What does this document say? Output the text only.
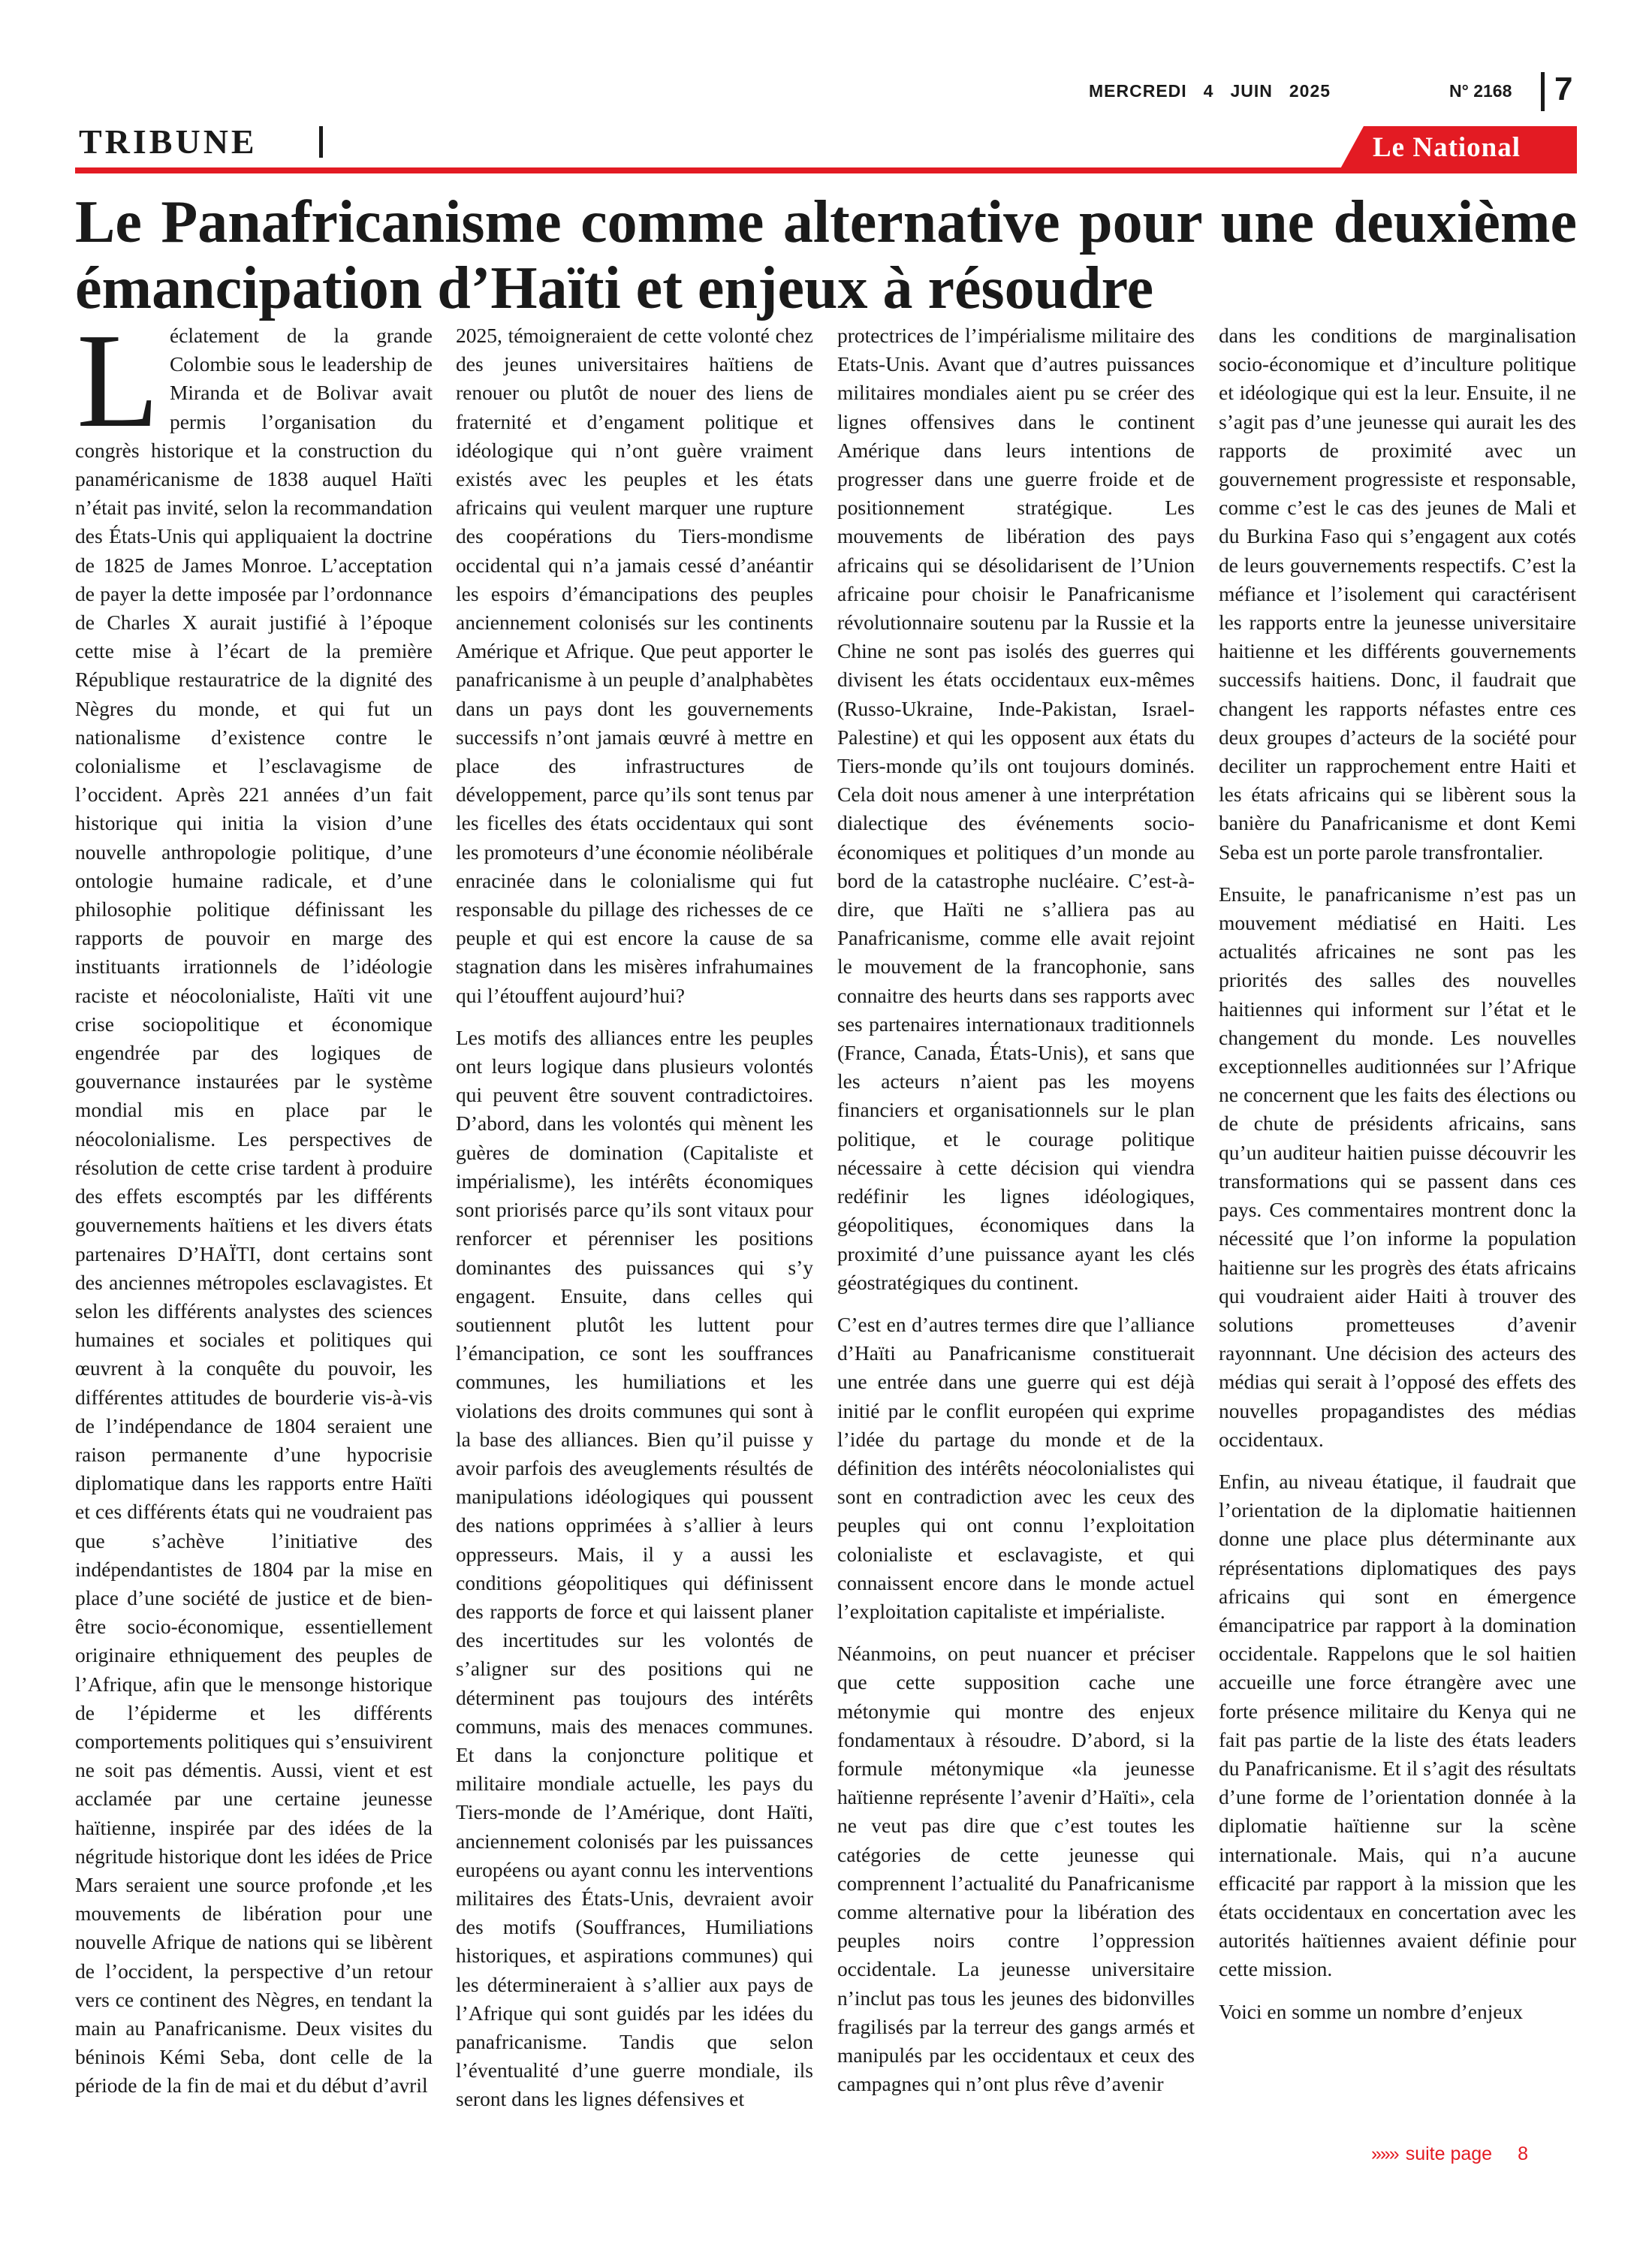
MERCREDI 4 JUIN 2025	N° 2168 7
TRIBUNE	Le National
Le Panafricanisme comme alternative pour une deuxième
émancipation d’Haïti et enjeux à résoudre

Léclatement de la grande Colombie sous le leadership de Miranda et de Bolivar avait permis l’organisation du congrès historique et la construction du panaméricanisme de 1838 auquel Haïti n’était pas invité, selon la recommandation des États-Unis qui appliquaient la doctrine de 1825 de James Monroe. L’acceptation de payer la dette imposée par l’ordonnance de Charles X aurait justifié à l’époque cette mise à l’écart de la première République restauratrice de la dignité des Nègres du monde, et qui fut un nationalisme d’existence contre le colonialisme et l’esclavagisme de l’occident. Après 221 années d’un fait historique qui initia la vision d’une nouvelle anthropologie politique, d’une ontologie humaine radicale, et d’une philosophie politique définissant les rapports de pouvoir en marge des instituants irrationnels de l’idéologie raciste et néocolonialiste, Haïti vit une crise sociopolitique et économique engendrée par des logiques de gouvernance instaurées par le système mondial mis en place par le néocolonialisme. Les perspectives de résolution de cette crise tardent à produire des effets escomptés par les différents gouvernements haïtiens et les divers états partenaires D’HAÏTI, dont certains sont des anciennes métropoles esclavagistes. Et selon les différents analystes des sciences humaines et sociales et politiques qui œuvrent à la conquête du pouvoir, les différentes attitudes de bourderie vis-à-vis de l’indépendance de 1804 seraient une raison permanente d’une hypocrisie diplomatique dans les rapports entre Haïti et ces différents états qui ne voudraient pas que s’achève l’initiative des indépendantistes de 1804 par la mise en place d’une société de justice et de bien-être socio-économique, essentiellement originaire ethniquement des peuples de l’Afrique, afin que le mensonge historique de l’épiderme et les différents comportements politiques qui s’ensuivirent ne soit pas démentis. Aussi, vient et est acclamée par une certaine jeunesse haïtienne, inspirée par des idées de la négritude historique dont les idées de Price Mars seraient une source profonde ,et les mouvements de libération pour une nouvelle Afrique de nations qui se libèrent de l’occident, la perspective d’un retour vers ce continent des Nègres, en tendant la main au Panafricanisme. Deux visites du béninois Kémi Seba, dont celle de la période de la fin de mai et du début d’avril

2025, témoigneraient de cette volonté chez des jeunes universitaires haïtiens de renouer ou plutôt de nouer des liens de fraternité et d’engament politique et idéologique qui n’ont guère vraiment existés avec les peuples et les états africains qui veulent marquer une rupture des coopérations du Tiers-mondisme occidental qui n’a jamais cessé d’anéantir les espoirs d’émancipations des peuples anciennement colonisés sur les continents Amérique et Afrique. Que peut apporter le panafricanisme à un peuple d’analphabètes dans un pays dont les gouvernements successifs n’ont jamais œuvré à mettre en place des infrastructures de développement, parce qu’ils sont tenus par les ficelles des états occidentaux qui sont les promoteurs d’une économie néolibérale enracinée dans le colonialisme qui fut responsable du pillage des richesses de ce peuple et qui est encore la cause de sa stagnation dans les misères infrahumaines qui l’étouffent aujourd’hui?

Les motifs des alliances entre les peuples ont leurs logique dans plusieurs volontés qui peuvent être souvent contradictoires. D’abord, dans les volontés qui mènent les guères de domination (Capitaliste et impérialisme), les intérêts économiques sont priorisés parce qu’ils sont vitaux pour renforcer et pérenniser les positions dominantes des puissances qui s’y engagent. Ensuite, dans celles qui soutiennent plutôt les luttent pour l’émancipation, ce sont les souffrances communes, les humiliations et les violations des droits communes qui sont à la base des alliances. Bien qu’il puisse y avoir parfois des aveuglements résultés de manipulations idéologiques qui poussent des nations opprimées à s’allier à leurs oppresseurs. Mais, il y a aussi les conditions géopolitiques qui définissent des rapports de force et qui laissent planer des incertitudes sur les volontés de s’aligner sur des positions qui ne déterminent pas toujours des intérêts communs, mais des menaces communes. Et dans la conjoncture politique et militaire mondiale actuelle, les pays du Tiers-monde de l’Amérique, dont Haïti, anciennement colonisés par les puissances européens ou ayant connu les interventions militaires des États-Unis, devraient avoir des motifs (Souffrances, Humiliations historiques, et aspirations communes) qui les détermineraient à s’allier aux pays de l’Afrique qui sont guidés par les idées du panafricanisme. Tandis que selon l’éventualité d’une guerre mondiale, ils seront dans les lignes défensives et

protectrices de l’impérialisme militaire des Etats-Unis. Avant que d’autres puissances militaires mondiales aient pu se créer des lignes offensives dans le continent Amérique dans leurs intentions de progresser dans une guerre froide et de positionnement stratégique. Les mouvements de libération des pays africains qui se désolidarisent de l’Union africaine pour choisir le Panafricanisme révolutionnaire soutenu par la Russie et la Chine ne sont pas isolés des guerres qui divisent les états occidentaux eux-mêmes (Russo-Ukraine, Inde-Pakistan, Israel-Palestine) et qui les opposent aux états du Tiers-monde qu’ils ont toujours dominés. Cela doit nous amener à une interprétation dialectique des événements socio-économiques et politiques d’un monde au bord de la catastrophe nucléaire. C’est-à-dire, que Haïti ne s’alliera pas au Panafricanisme, comme elle avait rejoint le mouvement de la francophonie, sans connaitre des heurts dans ses rapports avec ses partenaires internationaux traditionnels (France, Canada, États-Unis), et sans que les acteurs n’aient pas les moyens financiers et organisationnels sur le plan politique, et le courage politique nécessaire à cette décision qui viendra redéfinir les lignes idéologiques, géopolitiques, économiques dans la proximité d’une puissance ayant les clés géostratégiques du continent.

C’est en d’autres termes dire que l’alliance d’Haïti au Panafricanisme constituerait une entrée dans une guerre qui est déjà initié par le conflit européen qui exprime l’idée du partage du monde et de la définition des intérêts néocolonialistes qui sont en contradiction avec les ceux des peuples qui ont connu l’exploitation colonialiste et esclavagiste, et qui connaissent encore dans le monde actuel l’exploitation capitaliste et impérialiste.

Néanmoins, on peut nuancer et préciser que cette supposition cache une métonymie qui montre des enjeux fondamentaux à résoudre. D’abord, si la formule métonymique «la jeunesse haïtienne représente l’avenir d’Haïti», cela ne veut pas dire que c’est toutes les catégories de cette jeunesse qui comprennent l’actualité du Panafricanisme comme alternative pour la libération des peuples noirs contre l’oppression occidentale. La jeunesse universitaire n’inclut pas tous les jeunes des bidonvilles fragilisés par la terreur des gangs armés et manipulés par les occidentaux et ceux des campagnes qui n’ont plus rêve d’avenir

dans les conditions de marginalisation socio-économique et d’inculture politique et idéologique qui est la leur. Ensuite, il ne s’agit pas d’une jeunesse qui aurait les des rapports de proximité avec un gouvernement progressiste et responsable, comme c’est le cas des jeunes de Mali et du Burkina Faso qui s’engagent aux cotés de leurs gouvernements respectifs. C’est la méfiance et l’isolement qui caractérisent les rapports entre la jeunesse universitaire haitienne et les différents gouvernements successifs haitiens. Donc, il faudrait que changent les rapports néfastes entre ces deux groupes d’acteurs de la société pour deciliter un rapprochement entre Haiti et les états africains qui se libèrent sous la banière du Panafricanisme et dont Kemi Seba est un porte parole transfrontalier.

Ensuite, le panafricanisme n’est pas un mouvement médiatisé en Haiti. Les actualités africaines ne sont pas les priorités des salles des nouvelles haitiennes qui informent sur l’état et le changement du monde. Les nouvelles exceptionnelles auditionnées sur l’Afrique ne concernent que les faits des élections ou de chute de présidents africains, sans qu’un auditeur haitien puisse découvrir les transformations qui se passent dans ces pays. Ces commentaires montrent donc la nécessité que l’on informe la population haitienne sur les progrès des états africains qui voudraient aider Haiti à trouver des solutions prometteuses d’avenir rayonnnant. Une décision des acteurs des médias qui serait à l’opposé des effets des nouvelles propagandistes des médias occidentaux.

Enfin, au niveau étatique, il faudrait que l’orientation de la diplomatie haitiennen donne une place plus déterminante aux réprésentations diplomatiques des pays africains qui sont en émergence émancipatrice par rapport à la domination occidentale. Rappelons que le sol haitien accueille une force étrangère avec une forte présence militaire du Kenya qui ne fait pas partie de la liste des états leaders du Panafricanisme. Et il s’agit des résultats d’une forme de l’orientation donnée à la diplomatie haïtienne sur la scène internationale. Mais, qui n’a aucune efficacité par rapport à la mission que les états occidentaux en concertation avec les autorités haïtiennes avaient définie pour cette mission.

Voici en somme un nombre d’enjeux

»»» suite page 8
